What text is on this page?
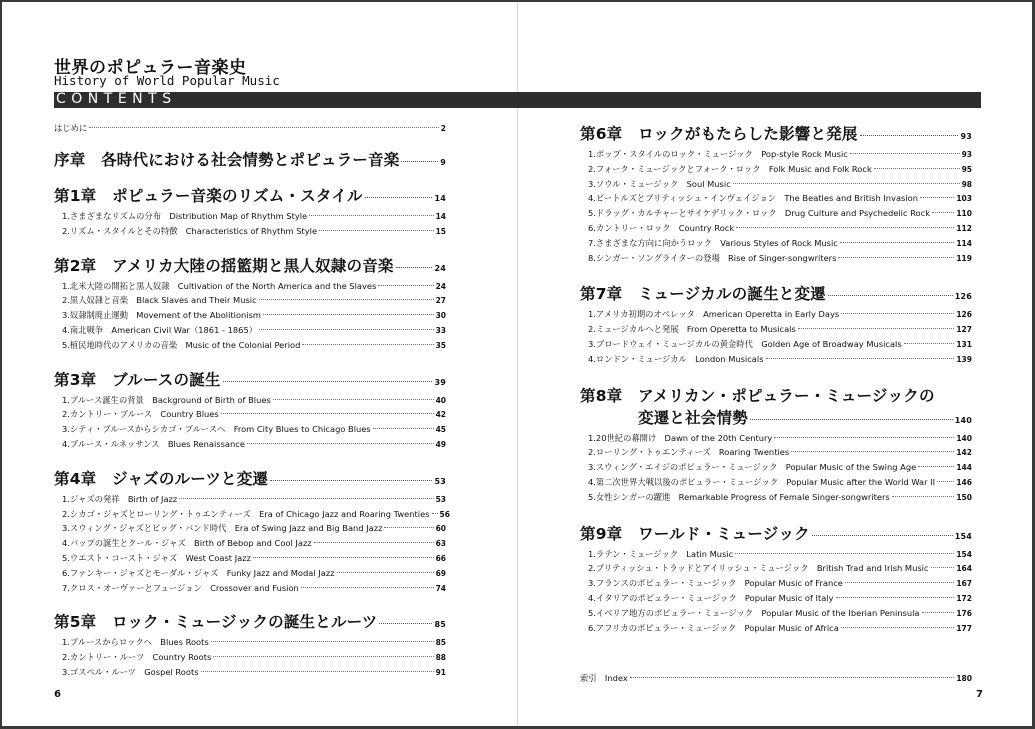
世界のポピュラー音楽史
History of World Popular Music
CONTENTS
はじめに	2
序章　各時代における社会情勢とポピュラー音楽	9
第1章　ポピュラー音楽のリズム・スタイル	14
1.さまざまなリズムの分布　Distribution Map of Rhythm Style	14
2.リズム・スタイルとその特徴　Characteristics of Rhythm Style	15
第2章　アメリカ大陸の揺籃期と黒人奴隷の音楽	24
1.北米大陸の開拓と黒人奴隷　Cultivation of the North America and the Slaves	24
2.黒人奴隷と音楽　Black Slaves and Their Music	27
3.奴隷制廃止運動　Movement of the Abolitionism	30
4.南北戦争　American Civil War（1861 - 1865）	33
5.植民地時代のアメリカの音楽　Music of the Colonial Period	35
第3章　ブルースの誕生	39
1.ブルース誕生の背景　Background of Birth of Blues	40
2.カントリー・ブルース　Country Blues	42
3.シティ・ブルースからシカゴ・ブルースへ　From City Blues to Chicago Blues	45
4.ブルース・ルネッサンス　Blues Renaissance	49
第4章　ジャズのルーツと変遷	53
1.ジャズの発祥　Birth of Jazz	53
2.シカゴ・ジャズとローリング・トゥエンティーズ　Era of Chicago Jazz and Roaring Twenties 56
3.スウィング・ジャズとビッグ・バンド時代　Era of Swing Jazz and Big Band Jazz	60
4.バップの誕生とクール・ジャズ　Birth of Bebop and Cool Jazz	63
5.ウエスト・コースト・ジャズ　West Coast Jazz	66
6.ファンキー・ジャズとモーダル・ジャズ　Funky Jazz and Modal Jazz	69
7.クロス・オーヴァーとフュージョン　Crossover and Fusion	74
第5章　ロック・ミュージックの誕生とルーツ	85
1.ブルースからロックへ　Blues Roots	85
2.カントリー・ルーツ　Country Roots	88
3.ゴスペル・ルーツ　Gospel Roots	91
第6章　ロックがもたらした影響と発展	93
1.ポップ・スタイルのロック・ミュージック　Pop-style Rock Music	93
2.フォーク・ミュージックとフォーク・ロック　Folk Music and Folk Rock	95
3.ソウル・ミュージック　Soul Music	98
4.ビートルズとブリティッシュ・インヴェイジョン　The Beatles and British Invasion	103
5.ドラッグ・カルチャーとサイケデリック・ロック　Drug Culture and Psychedelic Rock	110
6.カントリー・ロック　Country Rock	112
7.さまざまな方向に向かうロック　Various Styles of Rock Music	114
8.シンガー・ソングライターの登場　Rise of Singer-songwriters	119
第7章　ミュージカルの誕生と変遷	126
1.アメリカ初期のオペレッタ　American Operetta in Early Days	126
2.ミュージカルへと発展　From Operetta to Musicals	127
3.ブロードウェイ・ミュージカルの黄金時代　Golden Age of Broadway Musicals	131
4.ロンドン・ミュージカル　London Musicals	139
第8章　アメリカン・ポピュラー・ミュージックの
変遷と社会情勢	140
1.20世紀の幕開け　Dawn of the 20th Century	140
2.ローリング・トゥエンティーズ　Roaring Twenties	142
3.スウィング・エイジのポピュラー・ミュージック　Popular Music of the Swing Age	144
4.第二次世界大戦以後のポピュラー・ミュージック　Popular Music after the World War II	146
5.女性シンガーの躍進　Remarkable Progress of Female Singer-songwriters	150
第9章　ワールド・ミュージック	154
1.ラテン・ミュージック　Latin Music	154
2.ブリティッシュ・トラッドとアイリッシュ・ミュージック　British Trad and Irish Music	164
3.フランスのポピュラー・ミュージック　Popular Music of France	167
4.イタリアのポピュラー・ミュージック　Popular Music of Italy	172
5.イベリア地方のポピュラー・ミュージック　Popular Music of the Iberian Peninsula	176
6.アフリカのポピュラー・ミュージック　Popular Music of Africa	177
索引　Index	180
6	7
